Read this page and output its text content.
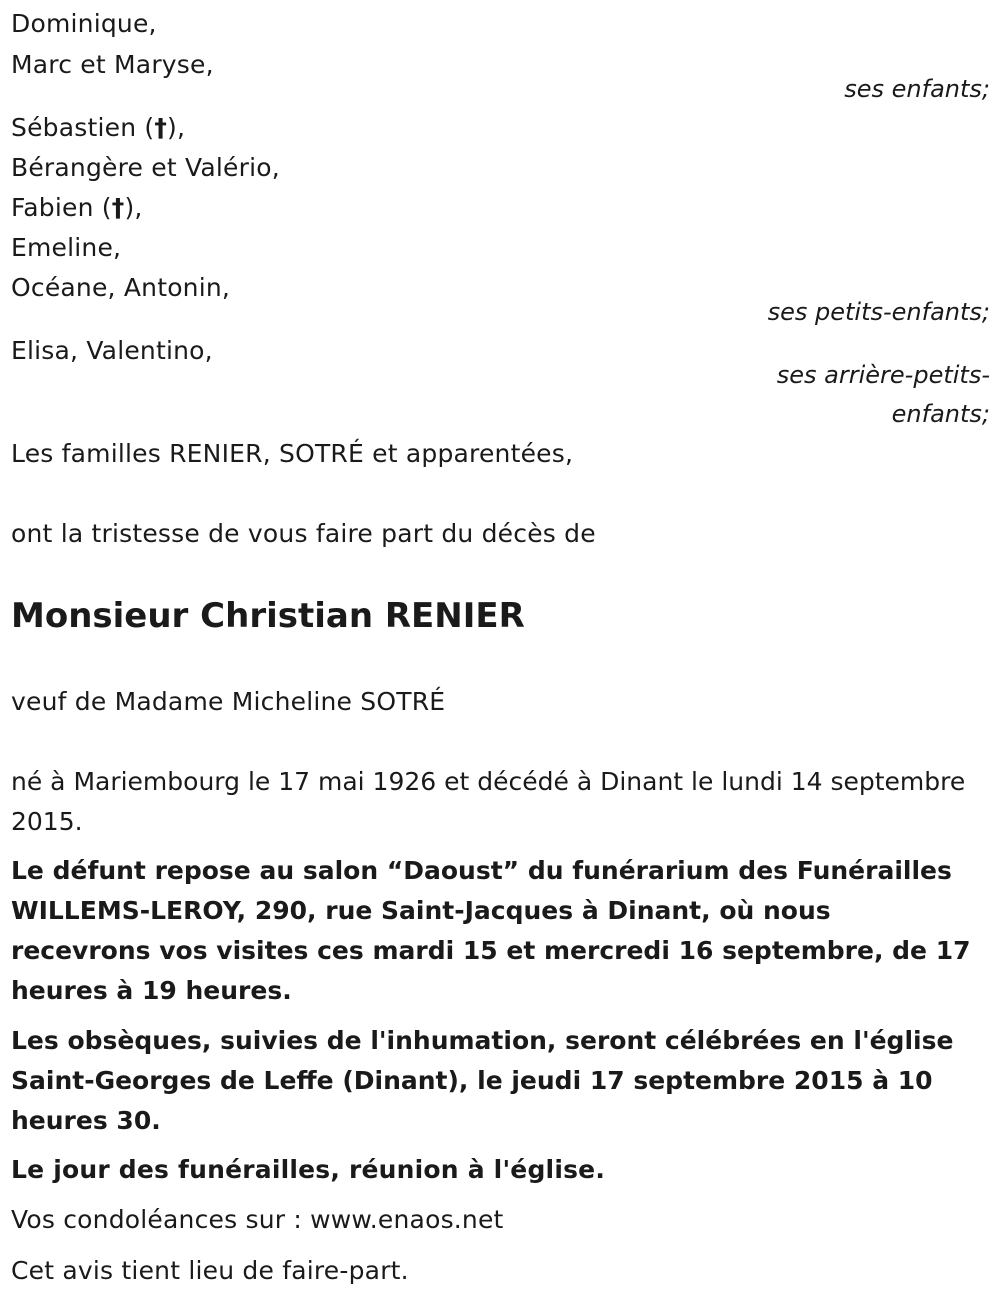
Dominique,
Marc et Maryse,
ses enfants;
Sébastien (†),
Bérangère et Valério,
Fabien (†),
Emeline,
Océane, Antonin,
ses petits-enfants;
Elisa, Valentino,
ses arrière-petits-
enfants;
Les familles RENIER, SOTRÉ et apparentées,
ont la tristesse de vous faire part du décès de
Monsieur Christian RENIER
veuf de Madame Micheline SOTRÉ
né à Mariembourg le 17 mai 1926 et décédé à Dinant le lundi 14 septembre 2015.
Le défunt repose au salon “Daoust” du funérarium des Funérailles WILLEMS-LEROY, 290, rue Saint-Jacques à Dinant, où nous recevrons vos visites ces mardi 15 et mercredi 16 septembre, de 17 heures à 19 heures.
Les obsèques, suivies de l'inhumation, seront célébrées en l'église Saint-Georges de Leffe (Dinant), le jeudi 17 septembre 2015 à 10 heures 30.
Le jour des funérailles, réunion à l'église.
Vos condoléances sur : www.enaos.net
Cet avis tient lieu de faire-part.
